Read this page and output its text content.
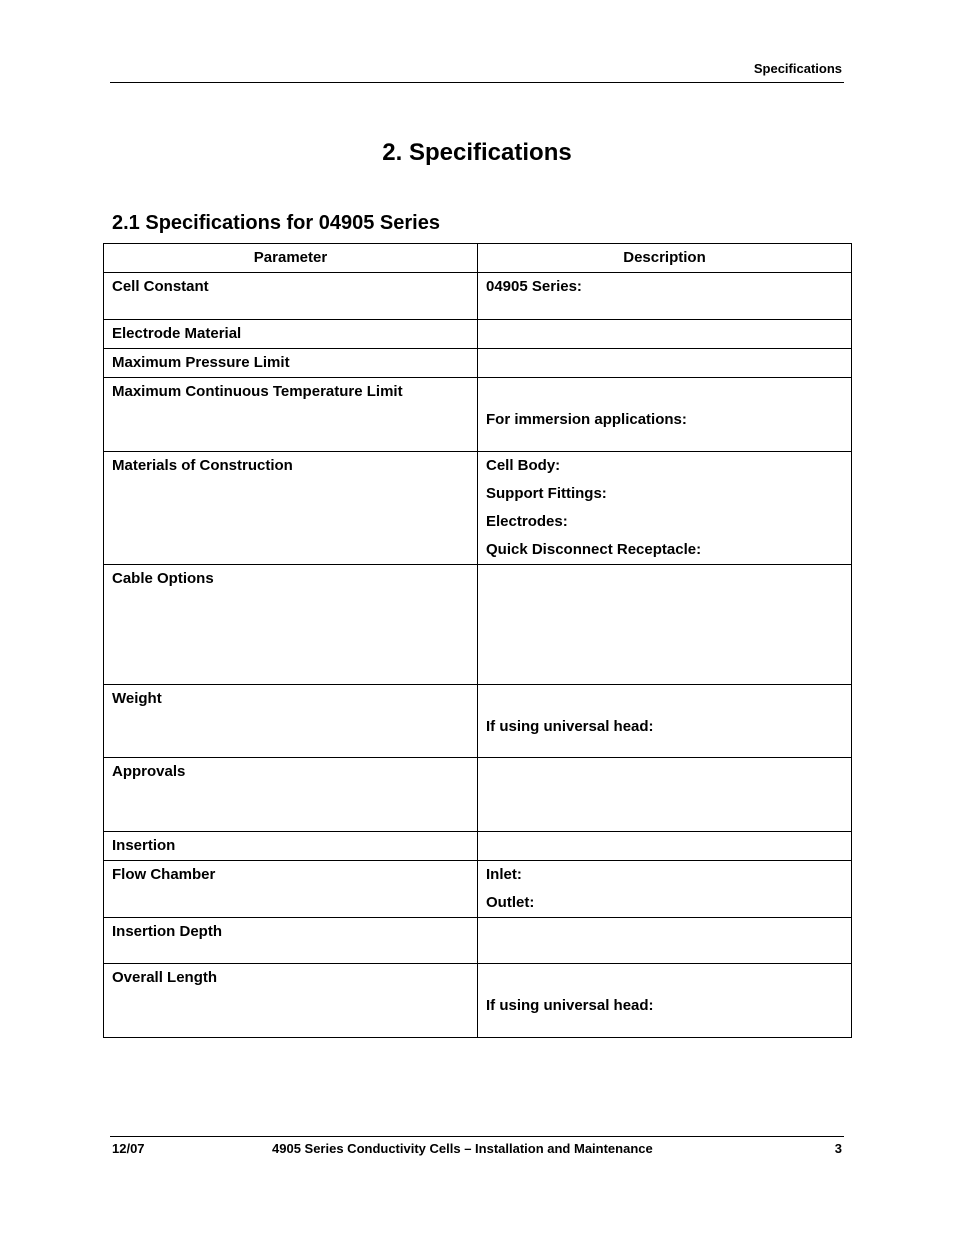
Specifications
2. Specifications
2.1 Specifications for 04905 Series
Parameter	Description
Cell Constant	04905 Series:

Electrode Material	
Maximum Pressure Limit	
Maximum Continuous Temperature Limit	For immersion applications:

Materials of Construction	Cell Body:
Support Fittings:
Electrodes:
Quick Disconnect Receptacle:

Cable Options	
Weight	If using universal head:

Approvals	
Insertion	
Flow Chamber	Inlet:
Outlet:

Insertion Depth	
Overall Length	If using universal head:
12/07	4905 Series Conductivity Cells – Installation and Maintenance	3
